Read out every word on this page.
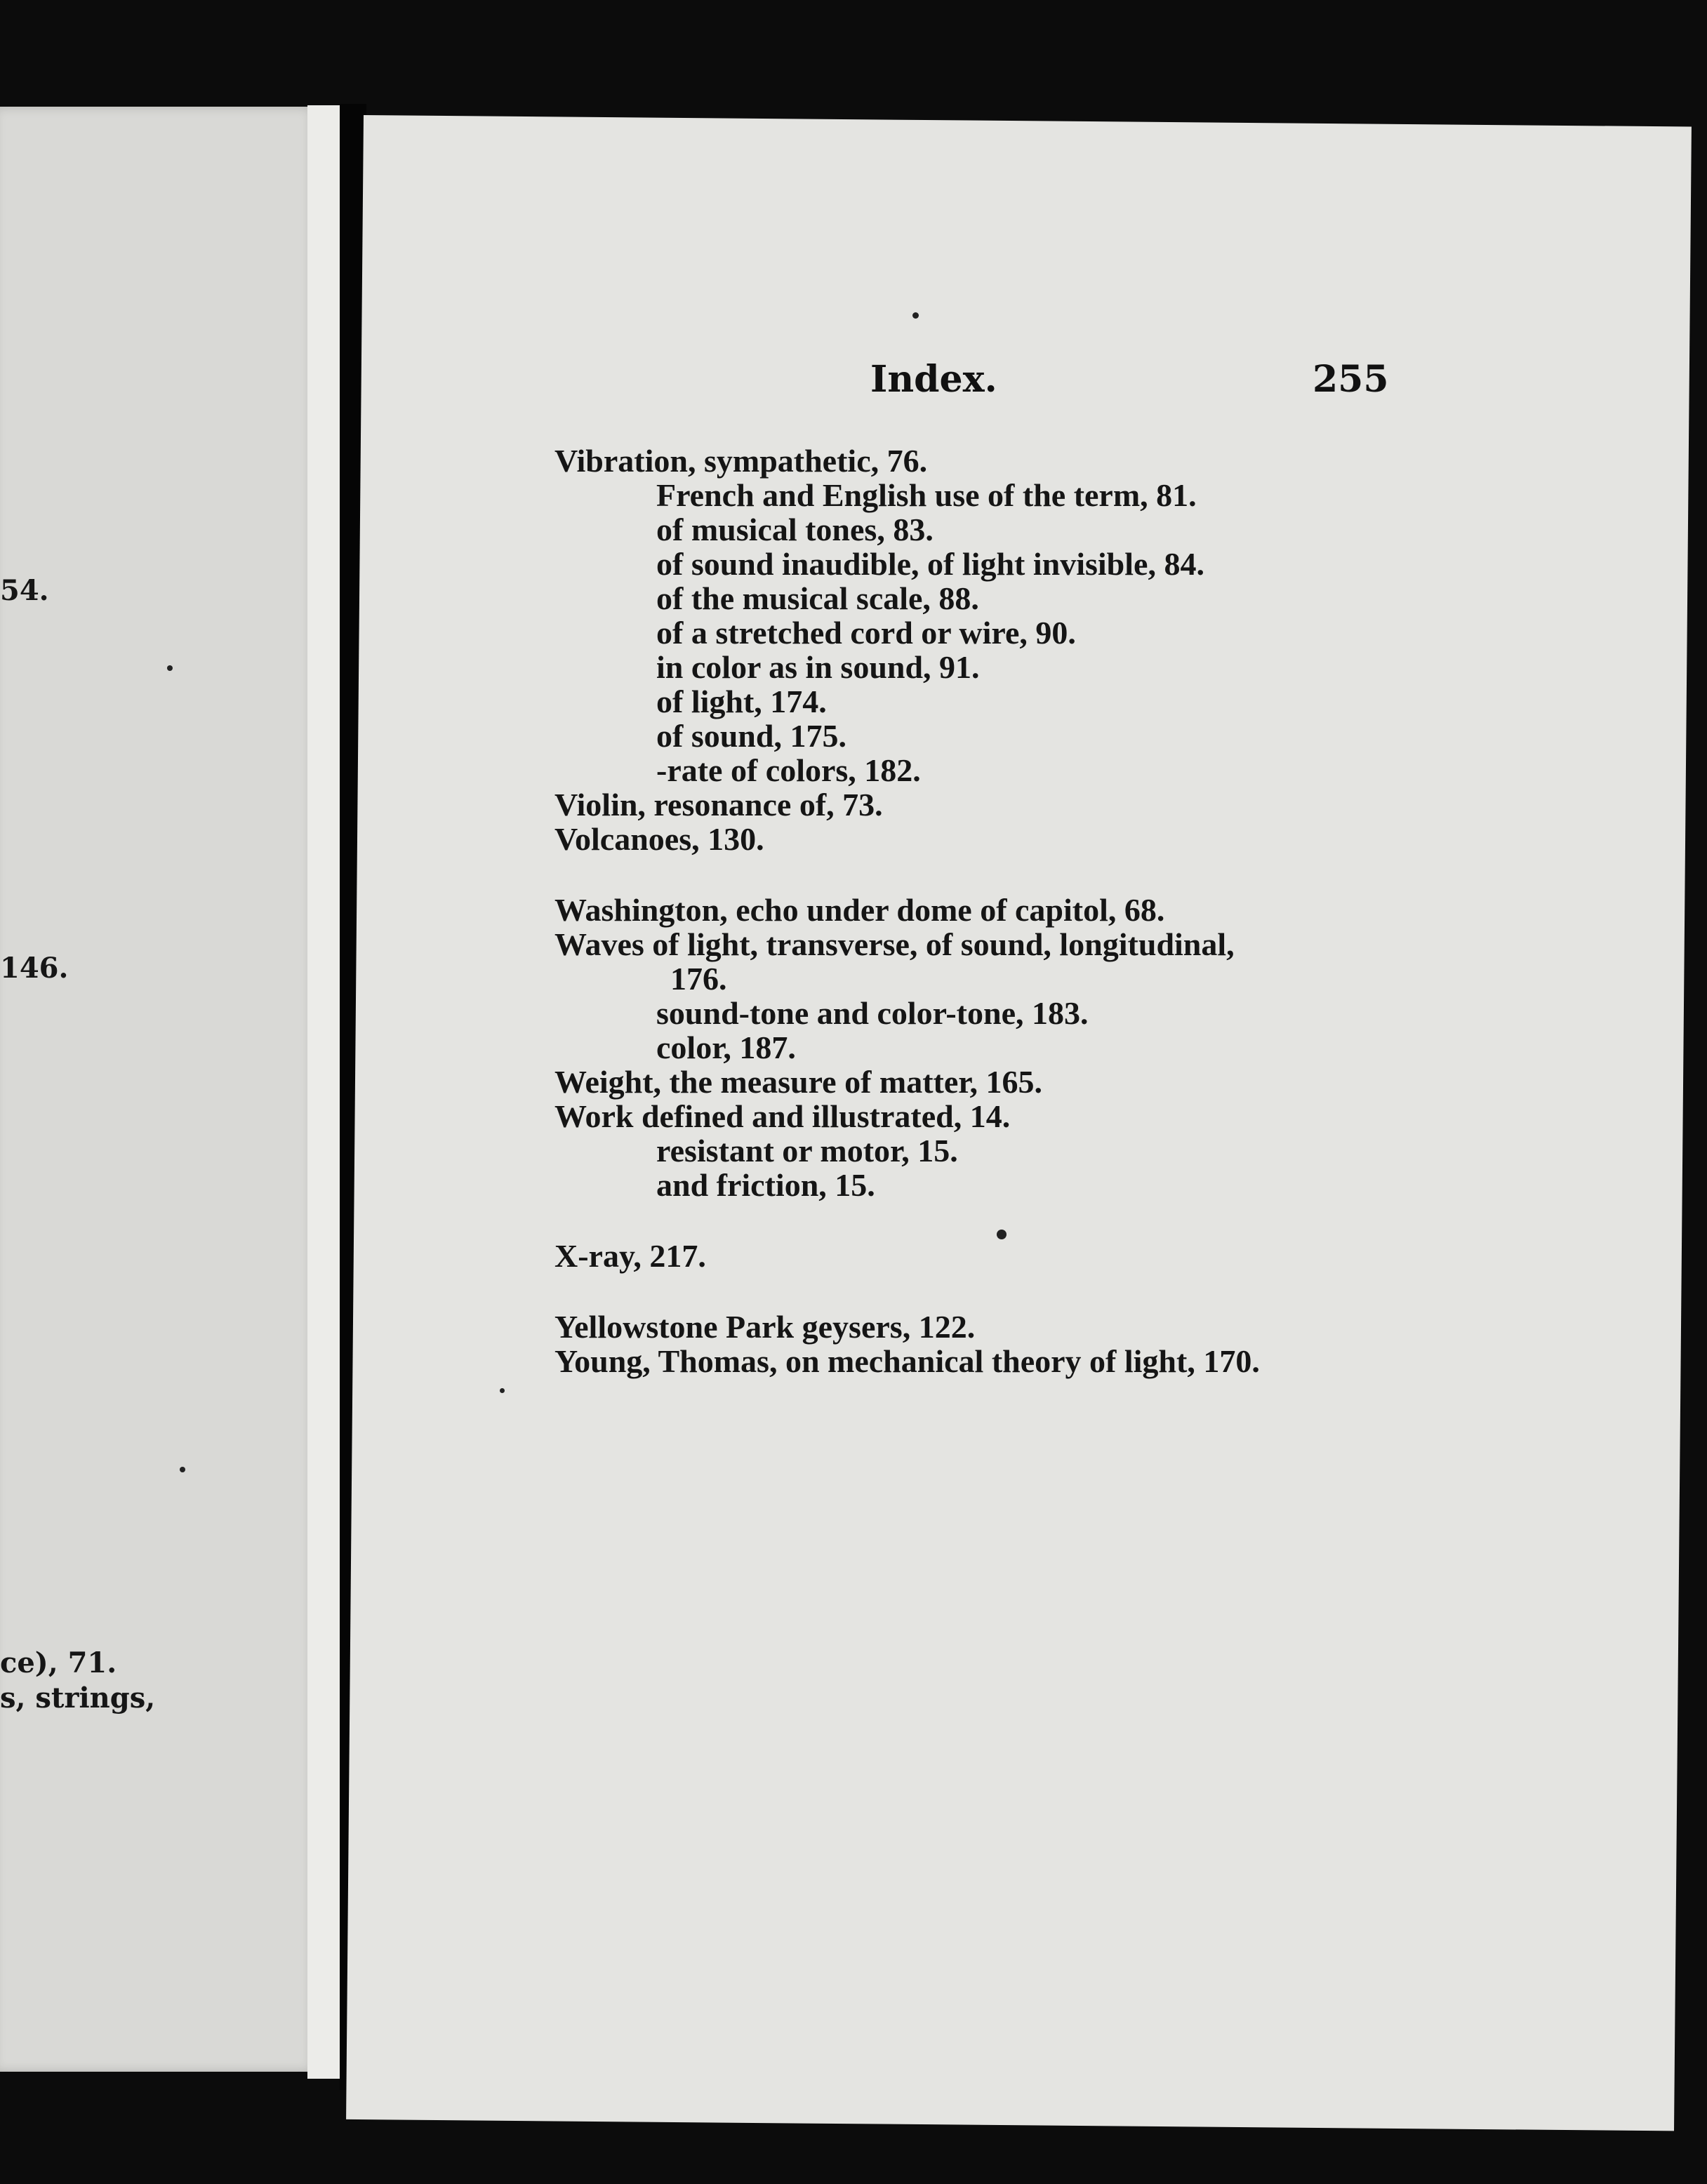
54.
146.
ce), 71.
s, strings,
Index.	255
Vibration, sympathetic, 76.
French and English use of the term, 81.
of musical tones, 83.
of sound inaudible, of light invisible, 84.
of the musical scale, 88.
of a stretched cord or wire, 90.
in color as in sound, 91.
of light, 174.
of sound, 175.
-rate of colors, 182.
Violin, resonance of, 73.
Volcanoes, 130.
Washington, echo under dome of capitol, 68.
Waves of light, transverse, of sound, longitudinal,
176.
sound-tone and color-tone, 183.
color, 187.
Weight, the measure of matter, 165.
Work defined and illustrated, 14.
resistant or motor, 15.
and friction, 15.
X-ray, 217.
Yellowstone Park geysers, 122.
Young, Thomas, on mechanical theory of light, 170.
